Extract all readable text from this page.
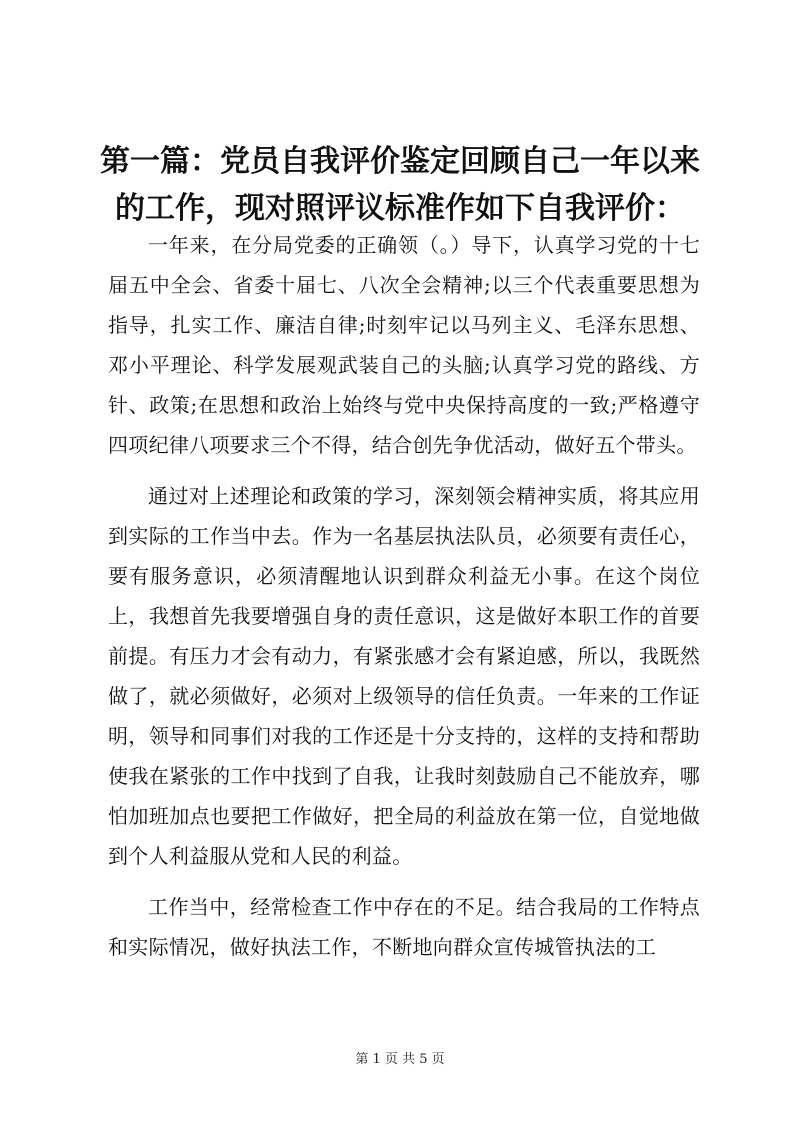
第一篇：党员自我评价鉴定回顾自己一年以来的工作，现对照评议标准作如下自我评价：

一年来，在分局党委的正确领（。）导下，认真学习党的十七届五中全会、省委十届七、八次全会精神;以三个代表重要思想为指导，扎实工作、廉洁自律;时刻牢记以马列主义、毛泽东思想、邓小平理论、科学发展观武装自己的头脑;认真学习党的路线、方针、政策;在思想和政治上始终与党中央保持高度的一致;严格遵守四项纪律八项要求三个不得，结合创先争优活动，做好五个带头。

通过对上述理论和政策的学习，深刻领会精神实质，将其应用到实际的工作当中去。作为一名基层执法队员，必须要有责任心，要有服务意识，必须清醒地认识到群众利益无小事。在这个岗位上，我想首先我要增强自身的责任意识，这是做好本职工作的首要前提。有压力才会有动力，有紧张感才会有紧迫感，所以，我既然做了，就必须做好，必须对上级领导的信任负责。一年来的工作证明，领导和同事们对我的工作还是十分支持的，这样的支持和帮助使我在紧张的工作中找到了自我，让我时刻鼓励自己不能放弃，哪怕加班加点也要把工作做好，把全局的利益放在第一位，自觉地做到个人利益服从党和人民的利益。

工作当中，经常检查工作中存在的不足。结合我局的工作特点和实际情况，做好执法工作，不断地向群众宣传城管执法的工

第 1 页 共 5 页
